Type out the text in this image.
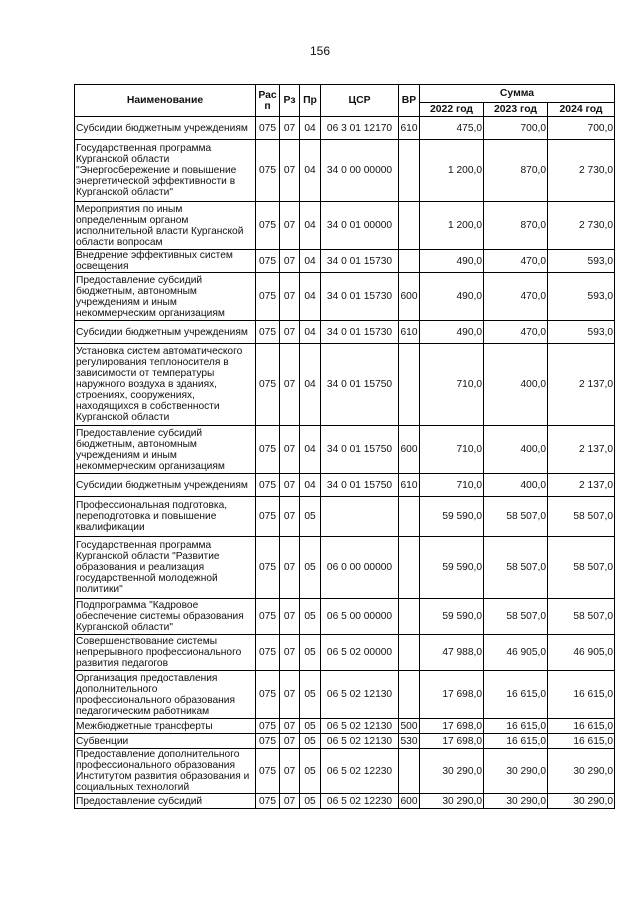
156
Наименование	Рас п	Рз	Пр	ЦСР	ВР	Сумма		
						2022 год	2023 год	2024 год
Субсидии бюджетным учреждениям	075	07	04	06 3 01 12170	610	475,0	700,0	700,0
Государственная программа Курганской области "Энергосбережение и повышение энергетической эффективности в Курганской области"	075	07	04	34 0 00 00000		1 200,0	870,0	2 730,0
Мероприятия по иным определенным органом исполнительной власти Курганской области вопросам	075	07	04	34 0 01 00000		1 200,0	870,0	2 730,0
Внедрение эффективных систем освещения	075	07	04	34 0 01 15730		490,0	470,0	593,0
Предоставление субсидий бюджетным, автономным учреждениям и иным некоммерческим организациям	075	07	04	34 0 01 15730	600	490,0	470,0	593,0
Субсидии бюджетным учреждениям	075	07	04	34 0 01 15730	610	490,0	470,0	593,0
Установка систем автоматического регулирования теплоносителя в зависимости от температуры наружного воздуха в зданиях, строениях, сооружениях, находящихся в собственности Курганской области	075	07	04	34 0 01 15750		710,0	400,0	2 137,0
Предоставление субсидий бюджетным, автономным учреждениям и иным некоммерческим организациям	075	07	04	34 0 01 15750	600	710,0	400,0	2 137,0
Субсидии бюджетным учреждениям	075	07	04	34 0 01 15750	610	710,0	400,0	2 137,0
Профессиональная подготовка, переподготовка и повышение квалификации	075	07	05			59 590,0	58 507,0	58 507,0
Государственная программа Курганской области "Развитие образования и реализация государственной молодежной политики"	075	07	05	06 0 00 00000		59 590,0	58 507,0	58 507,0
Подпрограмма "Кадровое обеспечение системы образования Курганской области"	075	07	05	06 5 00 00000		59 590,0	58 507,0	58 507,0
Совершенствование системы непрерывного профессионального развития педагогов	075	07	05	06 5 02 00000		47 988,0	46 905,0	46 905,0
Организация предоставления дополнительного профессионального образования педагогическим работникам	075	07	05	06 5 02 12130		17 698,0	16 615,0	16 615,0
Межбюджетные трансферты	075	07	05	06 5 02 12130	500	17 698,0	16 615,0	16 615,0
Субвенции	075	07	05	06 5 02 12130	530	17 698,0	16 615,0	16 615,0
Предоставление дополнительного профессионального образования Институтом развития образования и социальных технологий	075	07	05	06 5 02 12230		30 290,0	30 290,0	30 290,0
Предоставление субсидий	075	07	05	06 5 02 12230	600	30 290,0	30 290,0	30 290,0
